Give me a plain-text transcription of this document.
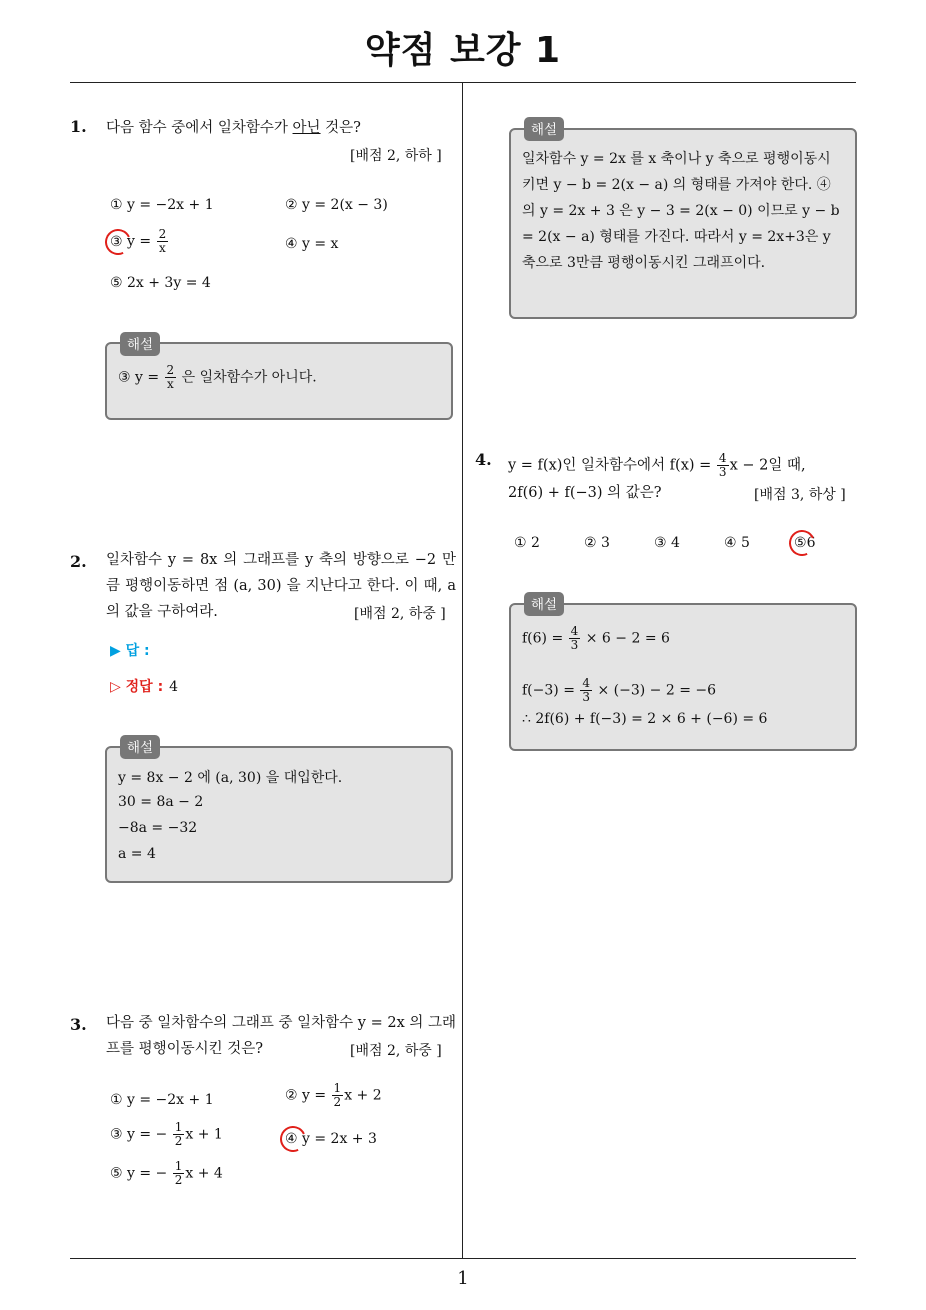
약점 보강 1
1
1. 다음 함수 중에서 일차함수가 아닌 것은?
[배점 2, 하하 ]
① y = −2x + 1	② y = 2(x − 3)
③ $y = \frac{2}{x}$	④ y = x
⑤ 2x + 3y = 4
해설
③ $y = \frac{2}{x}$ 은 일차함수가 아니다.
2. 일차함수 y = 8x 의 그래프를 y 축의 방향으로 −2 만큼 평행이동하면 점 (a, 30) 을 지난다고 한다. 이 때, a 의 값을 구하여라.	[배점 2, 하중 ]
▶ 답 :
▷ 정답 : 4
해설
y = 8x − 2 에 (a, 30) 을 대입한다.
30 = 8a − 2
−8a = −32
a = 4
3. 다음 중 일차함수의 그래프 중 일차함수 y = 2x 의 그래프를 평행이동시킨 것은?	[배점 2, 하중 ]
① y = −2x + 1	② $y = \frac{1}{2}$ x + 2
③ y = − $\frac{1}{2}$ x + 1	④ y = 2x + 3
⑤ y = − $\frac{1}{2}$ x + 4
해설
일차함수 y = 2x 를 x 축이나 y 축으로 평행이동시키면 y − b = 2(x − a) 의 형태를 가져야 한다. ④의 y = 2x + 3 은 y − 3 = 2(x − 0) 이므로 y − b = 2(x − a) 형태를 가진다. 따라서 y = 2x+3은 y축으로 3만큼 평행이동시킨 그래프이다.
4. y = f(x)인 일차함수에서 $f(x) = \frac{4}{3}$ x − 2일 때,
2f(6) + f(−3) 의 값은?	[배점 3, 하상 ]
① 2	② 3	③ 4	④ 5	⑤6
해설
$f(6) = \frac{4}{3} \times 6 - 2 = 6$
$f(-3) = \frac{4}{3} \times (-3) - 2 = -6$
∴ 2f(6) + f(−3) = 2 × 6 + (−6) = 6
